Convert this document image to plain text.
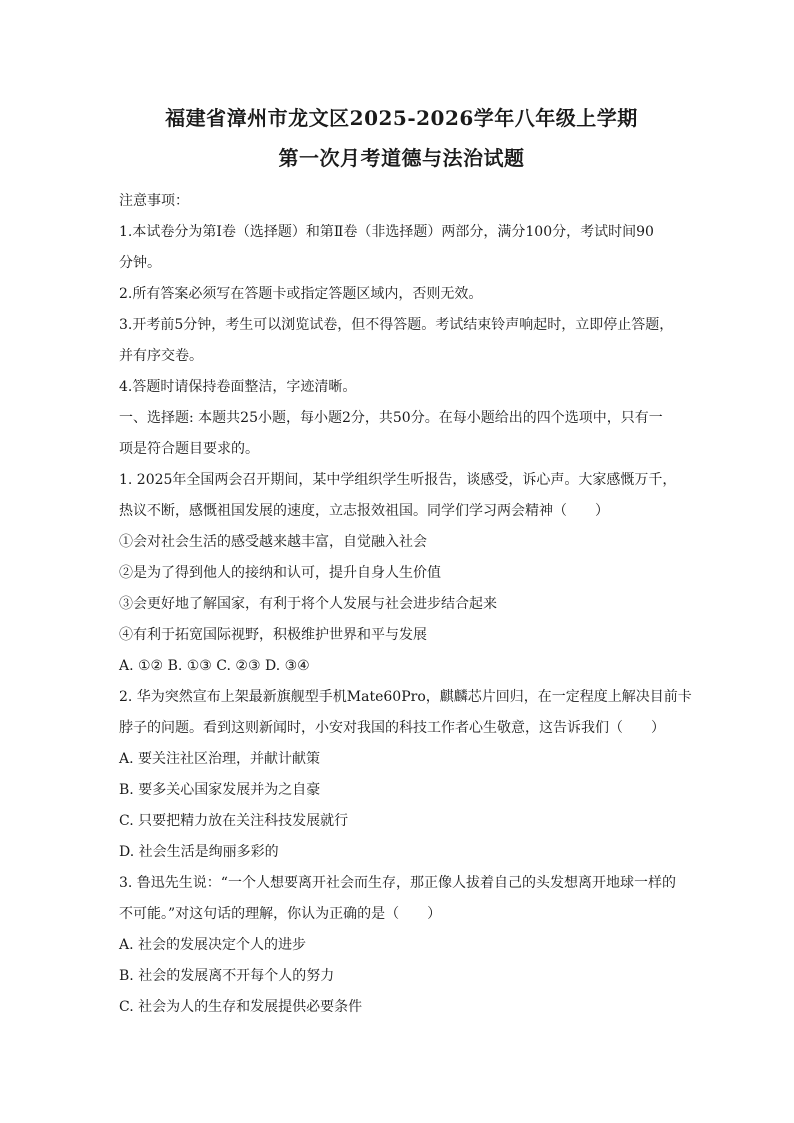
福建省漳州市龙文区2025-2026学年八年级上学期

第一次月考道德与法治试题

注意事项：

1.本试卷分为第Ⅰ卷（选择题）和第Ⅱ卷（非选择题）两部分，满分100分，考试时间90

分钟。

2.所有答案必须写在答题卡或指定答题区域内，否则无效。

3.开考前5分钟，考生可以浏览试卷，但不得答题。考试结束铃声响起时，立即停止答题，

并有序交卷。

4.答题时请保持卷面整洁，字迹清晰。

一、选择题: 本题共25小题，每小题2分，共50分。在每小题给出的四个选项中，只有一

项是符合题目要求的。

1. 2025年全国两会召开期间，某中学组织学生听报告，谈感受，诉心声。大家感慨万千，

热议不断，感慨祖国发展的速度，立志报效祖国。同学们学习两会精神（　　）

①会对社会生活的感受越来越丰富，自觉融入社会

②是为了得到他人的接纳和认可，提升自身人生价值

③会更好地了解国家，有利于将个人发展与社会进步结合起来

④有利于拓宽国际视野，积极维护世界和平与发展

A. ①② B. ①③ C. ②③ D. ③④

2. 华为突然宣布上架最新旗舰型手机Mate60Pro，麒麟芯片回归，在一定程度上解决目前卡

脖子的问题。看到这则新闻时，小安对我国的科技工作者心生敬意，这告诉我们（　　）

A. 要关注社区治理，并献计献策

B. 要多关心国家发展并为之自豪

C. 只要把精力放在关注科技发展就行

D. 社会生活是绚丽多彩的

3. 鲁迅先生说：“一个人想要离开社会而生存，那正像人拔着自己的头发想离开地球一样的

不可能。”对这句话的理解，你认为正确的是（　　）

A. 社会的发展决定个人的进步

B. 社会的发展离不开每个人的努力

C. 社会为人的生存和发展提供必要条件
